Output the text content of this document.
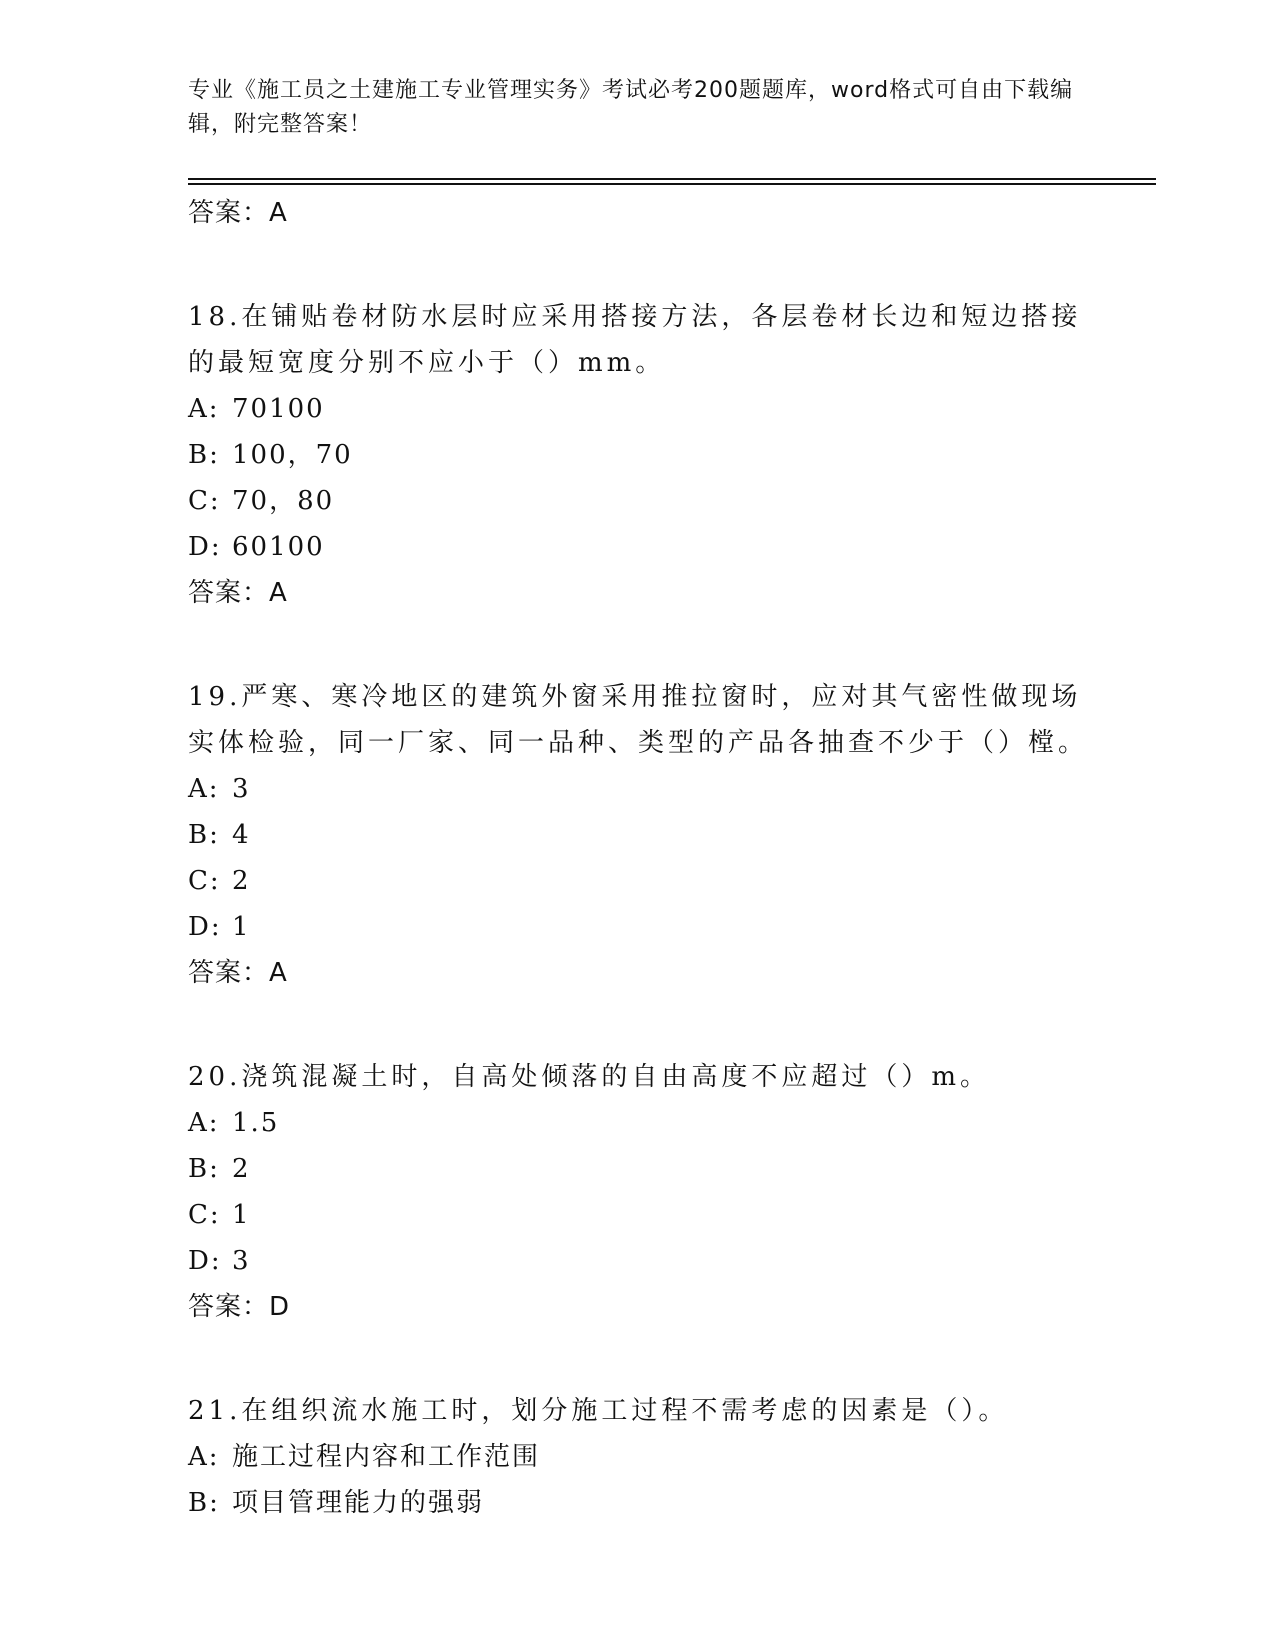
专业《施工员之土建施工专业管理实务》考试必考200题题库，word格式可自由下载编辑，附完整答案！
答案：A
18.在铺贴卷材防水层时应采用搭接方法，各层卷材长边和短边搭接的最短宽度分别不应小于（）mm。
A: 70100
B: 100，70
C: 70，80
D: 60100
答案：A
19.严寒、寒冷地区的建筑外窗采用推拉窗时，应对其气密性做现场实体检验，同一厂家、同一品种、类型的产品各抽查不少于（）樘。
A: 3
B: 4
C: 2
D: 1
答案：A
20.浇筑混凝土时，自高处倾落的自由高度不应超过（）m。
A: 1.5
B: 2
C: 1
D: 3
答案：D
21.在组织流水施工时，划分施工过程不需考虑的因素是（）。
A: 施工过程内容和工作范围
B: 项目管理能力的强弱
